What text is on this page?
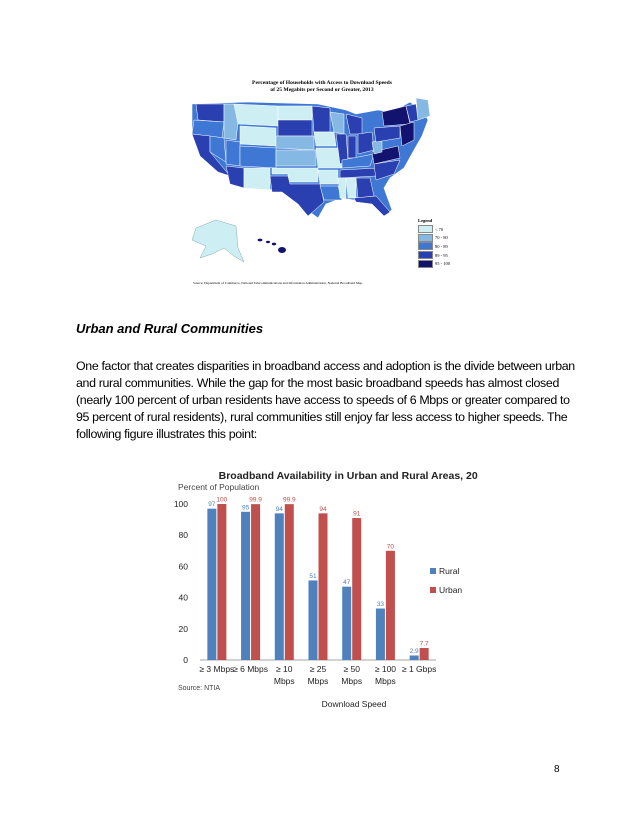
Percentage of Households with Access to Download Speeds
of 25 Megabits per Second or Greater, 2013
Legend
< 70
70 - 80
80 - 89
89 - 95
95 - 100
Source: Department of Commerce, National Telecommunications and Information Administration, National Broadband Map.
Urban and Rural Communities
One factor that creates disparities in broadband access and adoption is the divide between urban and rural communities. While the gap for the most basic broadband speeds has almost closed (nearly 100 percent of urban residents have access to speeds of 6 Mbps or greater compared to 95 percent of rural residents), rural communities still enjoy far less access to higher speeds. The following figure illustrates this point:
Broadband Availability in Urban and Rural Areas, 2013
Percent of Population
0
20
40
60
80
100	97
100
≥ 3 Mbps
95
99.9
≥ 6 Mbps
94
99.9
≥ 10
Mbps
51
94
≥ 25
Mbps
47
91
≥ 50
Mbps
33
70
≥ 100
Mbps
2.9
7.7
≥ 1 Gbps
Rural
Urban
Download Speed
Source: NTIA
8
